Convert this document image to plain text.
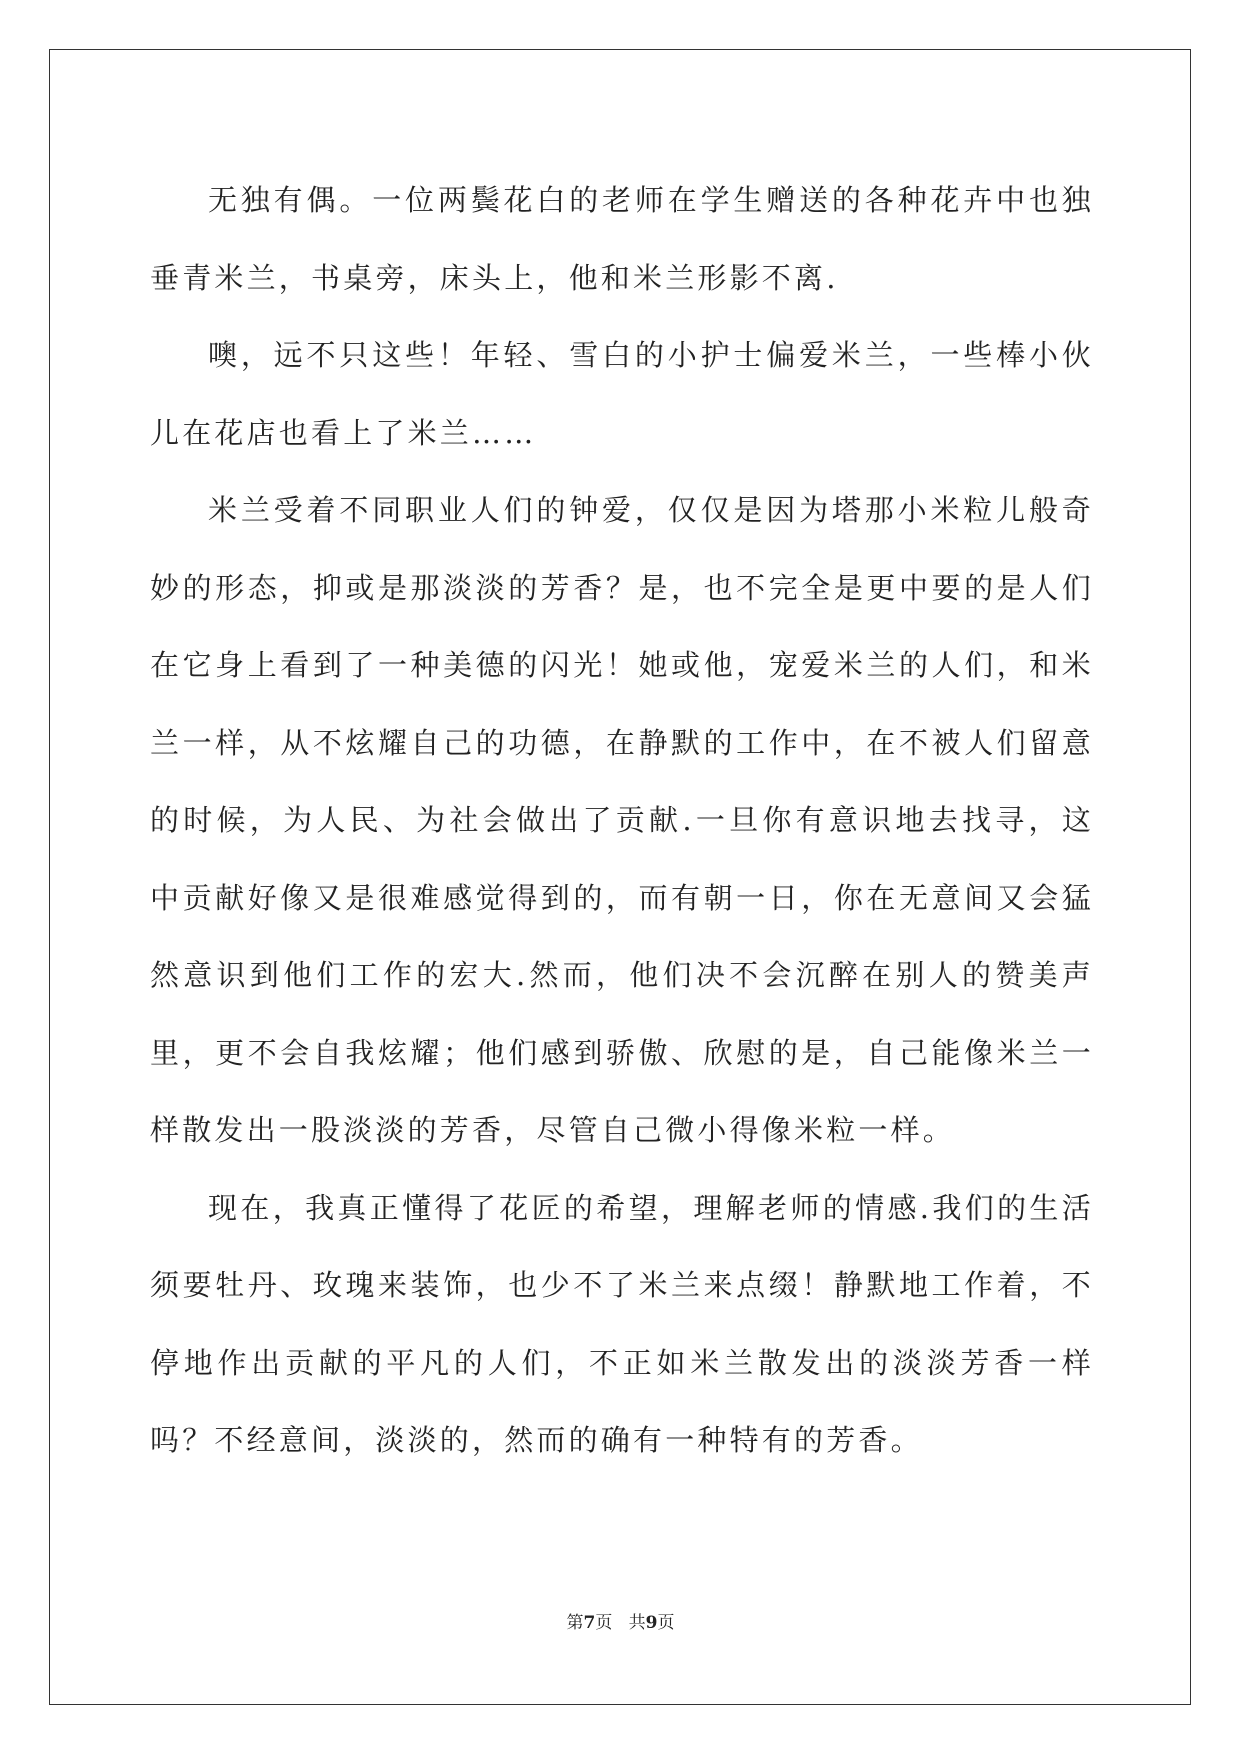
无独有偶。一位两鬓花白的老师在学生赠送的各种花卉中也独垂青米兰，书桌旁，床头上，他和米兰形影不离.

噢，远不只这些！年轻、雪白的小护士偏爱米兰，一些棒小伙儿在花店也看上了米兰……

米兰受着不同职业人们的钟爱，仅仅是因为塔那小米粒儿般奇妙的形态，抑或是那淡淡的芳香？是，也不完全是更中要的是人们在它身上看到了一种美德的闪光！她或他，宠爱米兰的人们，和米兰一样，从不炫耀自己的功德，在静默的工作中，在不被人们留意的时候，为人民、为社会做出了贡献.一旦你有意识地去找寻，这中贡献好像又是很难感觉得到的，而有朝一日，你在无意间又会猛然意识到他们工作的宏大.然而，他们决不会沉醉在别人的赞美声里，更不会自我炫耀；他们感到骄傲、欣慰的是，自己能像米兰一样散发出一股淡淡的芳香，尽管自己微小得像米粒一样。

现在，我真正懂得了花匠的希望，理解老师的情感.我们的生活须要牡丹、玫瑰来装饰，也少不了米兰来点缀！静默地工作着，不停地作出贡献的平凡的人们，不正如米兰散发出的淡淡芳香一样吗？不经意间，淡淡的，然而的确有一种特有的芳香。

第7页 共9页
